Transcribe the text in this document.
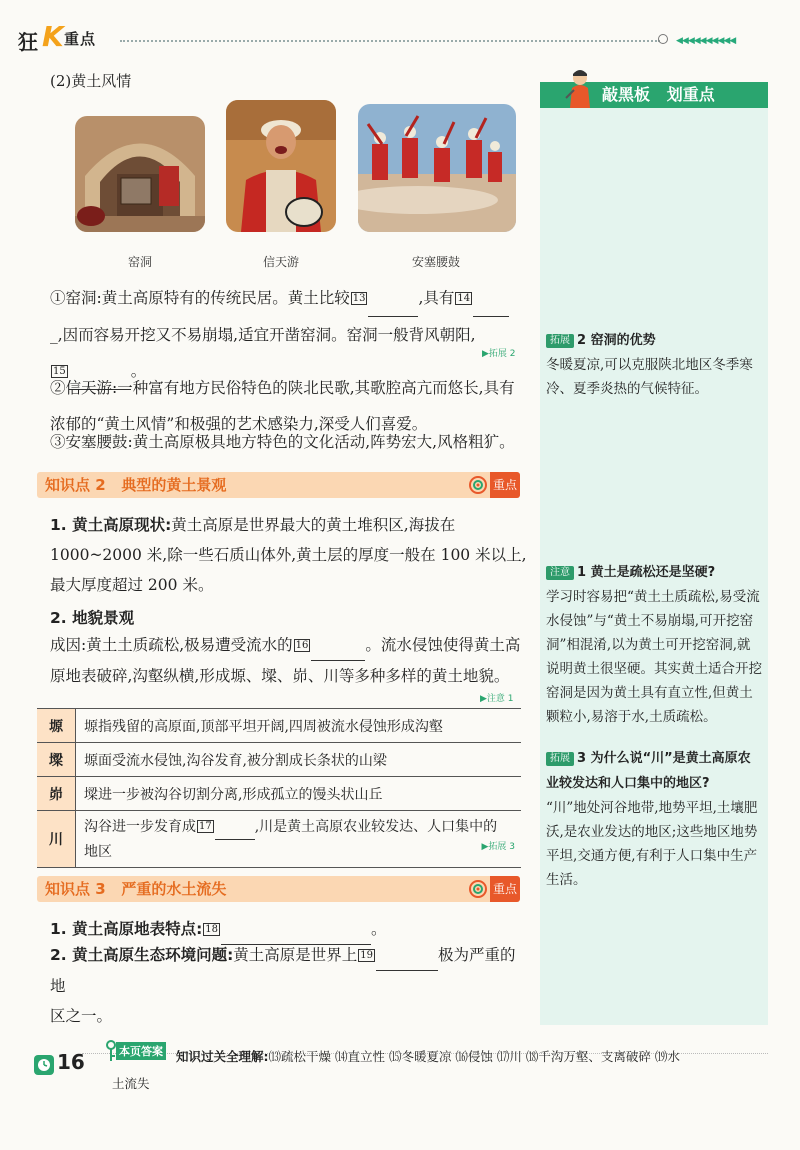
狂 K 重点	◀◀◀◀◀◀◀◀◀◀
(2)黄土风情
窑洞	信天游	安塞腰鼓
①窑洞:黄土高原特有的传统民居。黄土比较 13	,具有 14
_,因而容易开挖又不易崩塌,适宜开凿窑洞。窑洞一般背风朝阳,
15	。
▶拓展 2
②信天游:一种富有地方民俗特色的陕北民歌,其歌腔高亢而悠长,具有浓郁的“黄土风情”和极强的艺术感染力,深受人们喜爱。
③安塞腰鼓:黄土高原极具地方特色的文化活动,阵势宏大,风格粗犷。
知识点 2   典型的黄土景观	重点
1. 黄土高原现状:黄土高原是世界最大的黄土堆积区,海拔在 1000~2000 米,除一些石质山体外,黄土层的厚度一般在 100 米以上,最大厚度超过 200 米。
2. 地貌景观
成因:黄土土质疏松,极易遭受流水的 16	。流水侵蚀使得黄土高原地表破碎,沟壑纵横,形成塬、墚、峁、川等多种多样的黄土地貌。
▶注意 1
塬	塬指残留的高原面,顶部平坦开阔,四周被流水侵蚀形成沟壑
墚	塬面受流水侵蚀,沟谷发育,被分割成长条状的山梁
峁	墚进一步被沟谷切割分离,形成孤立的馒头状山丘
川	沟谷进一步发育成 17 ,川是黄土高原农业较发达、人口集中的
地区 ▶拓展 3
知识点 3   严重的水土流失	重点
1. 黄土高原地表特点: 18	。
2. 黄土高原生态环境问题:黄土高原是世界上 19	极为严重的地
区之一。
敲黑板   划重点
拓展 2 窑洞的优势
冬暖夏凉,可以克服陕北地区冬季寒冷、夏季炎热的气候特征。
注意 1 黄土是疏松还是坚硬?
学习时容易把“黄土土质疏松,易受流水侵蚀”与“黄土不易崩塌,可开挖窑洞”相混淆,以为黄土可开挖窑洞,就说明黄土很坚硬。其实黄土适合开挖窑洞是因为黄土具有直立性,但黄土颗粒小,易溶于水,土质疏松。
拓展 3 为什么说“川”是黄土高原农业较发达和人口集中的地区?
“川”地处河谷地带,地势平坦,土壤肥沃,是农业发达的地区;这些地区地势平坦,交通方便,有利于人口集中生产生活。
16	本页答案 知识过关全理解:⒀疏松干燥 ⒁直立性 ⒂冬暖夏凉 ⒃侵蚀 ⒄川 ⒅千沟万壑、支离破碎 ⒆水
土流失
